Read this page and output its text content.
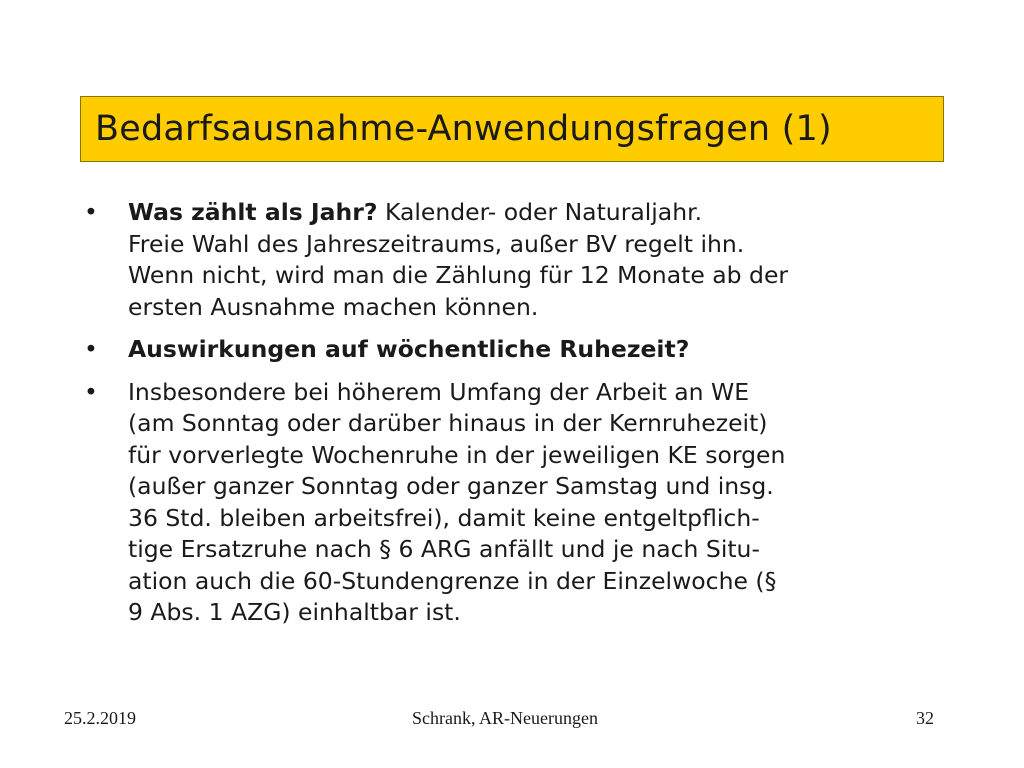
Bedarfsausnahme-Anwendungsfragen (1)
•	Was zählt als Jahr? Kalender- oder Naturaljahr.
Freie Wahl des Jahreszeitraums, außer BV regelt ihn.
Wenn nicht, wird man die Zählung für 12 Monate ab der
ersten Ausnahme machen können.
•	Auswirkungen auf wöchentliche Ruhezeit?
•	Insbesondere bei höherem Umfang der Arbeit an WE
(am Sonntag oder darüber hinaus in der Kernruhezeit)
für vorverlegte Wochenruhe in der jeweiligen KE sorgen
(außer ganzer Sonntag oder ganzer Samstag und insg.
36 Std. bleiben arbeitsfrei), damit keine entgeltpflich-
tige Ersatzruhe nach § 6 ARG anfällt und je nach Situ-
ation auch die 60-Stundengrenze in der Einzelwoche (§
9 Abs. 1 AZG) einhaltbar ist.
25.2.2019	Schrank, AR-Neuerungen	32
